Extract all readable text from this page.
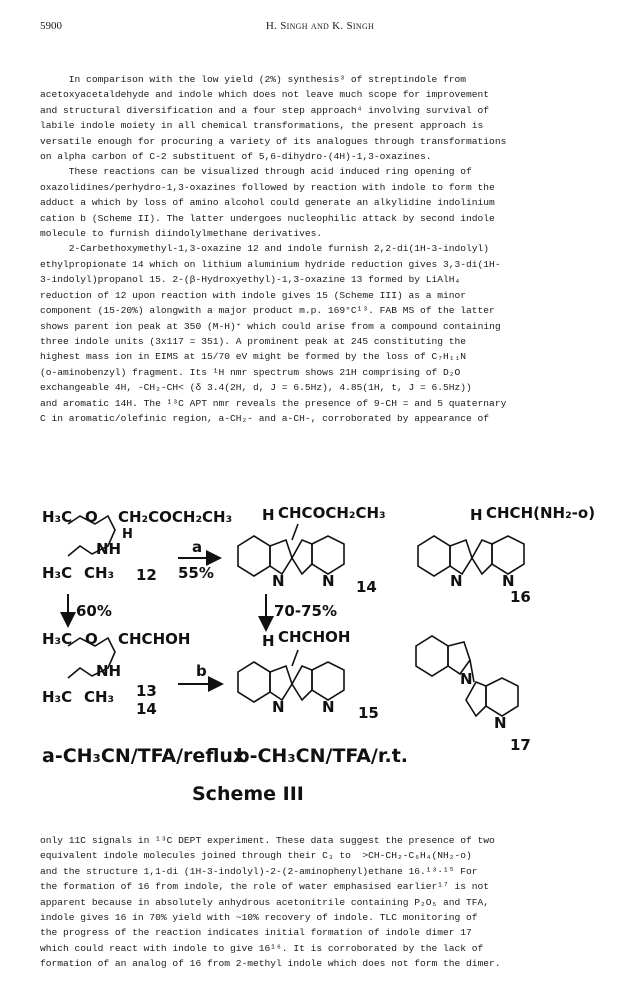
5900	H. Singh and K. Singh
In comparison with the low yield (2%) synthesis³ of streptindole from
acetoxyacetaldehyde and indole which does not leave much scope for improvement
and structural diversification and a four step approach⁴ involving survival of
labile indole moiety in all chemical transformations, the present approach is
versatile enough for procuring a variety of its analogues through transformations
on alpha carbon of C-2 substituent of 5,6-dihydro-(4H)-1,3-oxazines.
These reactions can be visualized through acid induced ring opening of
oxazolidines/perhydro-1,3-oxazines followed by reaction with indole to form the
adduct a which by loss of amino alcohol could generate an alkylidine indolinium
cation b (Scheme II). The latter undergoes nucleophilic attack by second indole
molecule to furnish diindolylmethane derivatives.
2-Carbethoxymethyl-1,3-oxazine 12 and indole furnish 2,2-di(1H-3-indolyl)
ethylpropionate 14 which on lithium aluminium hydride reduction gives 3,3-di(1H-
3-indolyl)propanol 15. 2-(β-Hydroxyethyl)-1,3-oxazine 13 formed by LiAlH₄
reduction of 12 upon reaction with indole gives 15 (Scheme III) as a minor
component (15-20%) alongwith a major product m.p. 169°C¹³. FAB MS of the latter
shows parent ion peak at 350 (M-H)⁺ which could arise from a compound containing
three indole units (3x117 = 351). A prominent peak at 245 constituting the
highest mass ion in EIMS at 15/70 eV might be formed by the loss of C₇H₁₁N
(o-aminobenzyl) fragment. Its ¹H nmr spectrum shows 21H comprising of D₂O
exchangeable 4H, -CH₂-CH< (δ 3.4(2H, d, J = 6.5Hz), 4.85(1H, t, J = 6.5Hz))
and aromatic 14H. The ¹³C APT nmr reveals the presence of 9-CH = and 5 quaternary
C in aromatic/olefinic region, a-CH₂- and a-CH-, corroborated by appearance of
H₃C O CH₂COCH₂CH₃
H
NH
H₃C CH₃ 12
a
55%
H CHCOCH₂CH₃
N N 14
H CHCH(NH₂-o)
N	N
16
60%	70-75%
H₃C O CHCHOH
NH
H₃C CH₃ 13
14
b
H CHCHOH
N N 15
N
N
17
a-CH₃CN/TFA/reflux
b-CH₃CN/TFA/r.t.
Scheme III
only 11C signals in ¹³C DEPT experiment. These data suggest the presence of two
equivalent indole molecules joined through their C₃ to  >CH-CH₂-C₆H₄(NH₂-o)
and the structure 1,1-di (1H-3-indolyl)-2-(2-aminophenyl)ethane 16.¹³·¹⁵ For
the formation of 16 from indole, the role of water emphasised earlier¹⁷ is not
apparent because in absolutely anhydrous acetonitrile containing P₂O₅ and TFA,
indole gives 16 in 70% yield with ~10% recovery of indole. TLC monitoring of
the progress of the reaction indicates initial formation of indole dimer 17
which could react with indole to give 16¹⁶. It is corroborated by the lack of
formation of an analog of 16 from 2-methyl indole which does not form the dimer.
